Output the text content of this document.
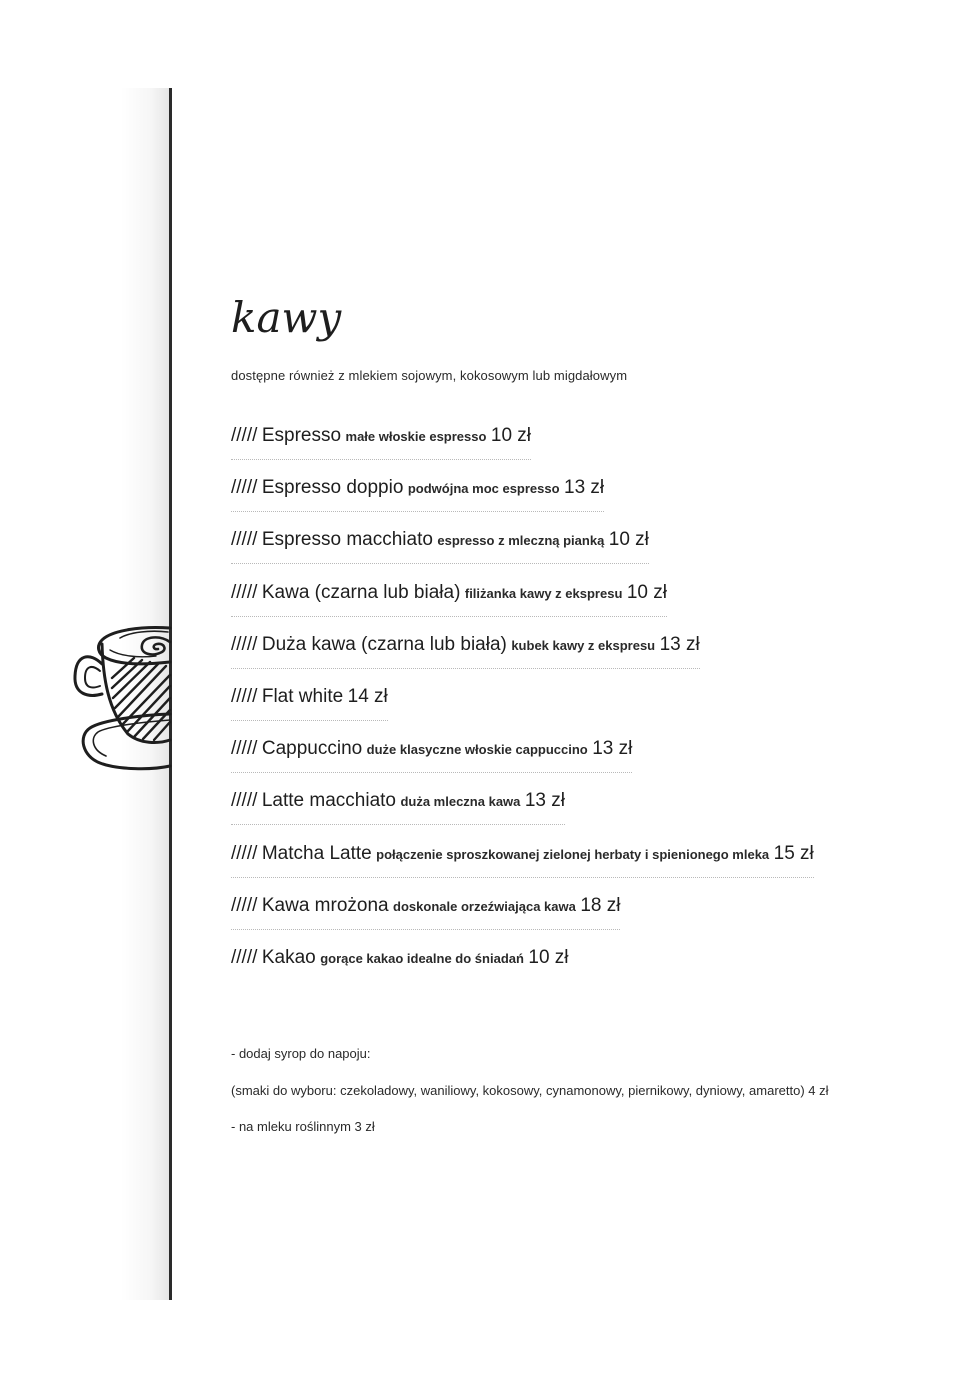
kawy
dostępne również z mlekiem sojowym, kokosowym lub migdałowym
///// Espresso małe włoskie espresso 10 zł
///// Espresso doppio podwójna moc espresso 13 zł
///// Espresso macchiato espresso z mleczną pianką 10 zł
///// Kawa (czarna lub biała) filiżanka kawy z ekspresu 10 zł
///// Duża kawa (czarna lub biała) kubek kawy z ekspresu 13 zł
///// Flat white 14 zł
///// Cappuccino duże klasyczne włoskie cappuccino 13 zł
///// Latte macchiato duża mleczna kawa 13 zł
///// Matcha Latte połączenie sproszkowanej zielonej herbaty i spienionego mleka 15 zł
///// Kawa mrożona doskonale orzeźwiająca kawa 18 zł
///// Kakao gorące kakao idealne do śniadań 10 zł
- dodaj syrop do napoju:
(smaki do wyboru: czekoladowy, waniliowy, kokosowy, cynamonowy, piernikowy, dyniowy, amaretto) 4 zł
- na mleku roślinnym 3 zł
